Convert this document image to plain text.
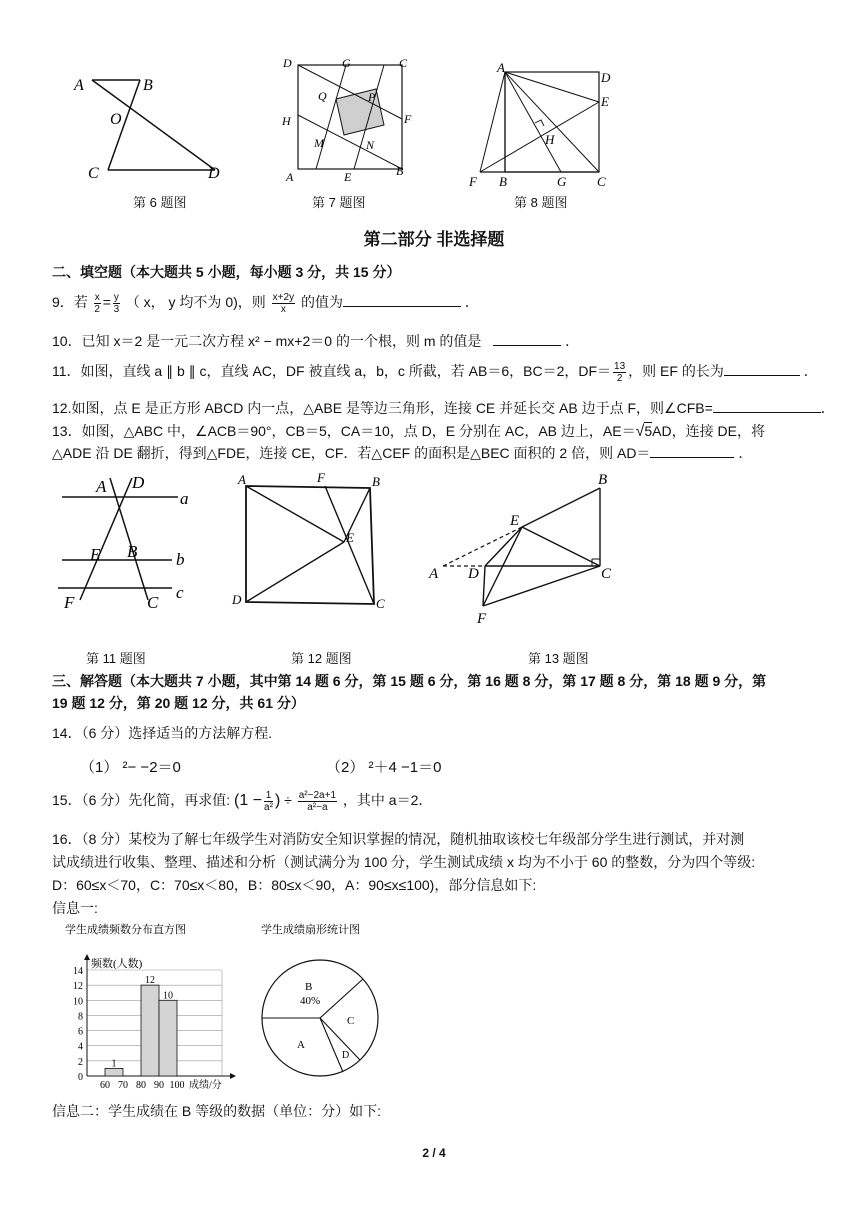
A	B
O
C	D
第 6 题图
D	G	C
Q	P
H	F
M	N
A	E	B
第 7 题图
A
D
E
H
F B	G C
第 8 题图
第二部分 非选择题
二、填空题（本大题共 5 小题，每小题 3 分，共 15 分）
9．若 $\frac{x}{2} = \frac{y}{3}$ （ x， y 均不为 0)，则 $\frac{x+2y}{x}$ 的值为	．
10．已知 x＝2 是一元二次方程 x² − mx+2＝0 的一个根，则 m 的值是	．
11．如图，直线 a ∥ b ∥ c，直线 AC，DF 被直线 a，b，c 所截，若 AB＝6，BC＝2，$DF= \frac{13}{2}$ ，则 EF 的长为	．
12.如图，点 E 是正方形 ABCD 内一点，△ABE 是等边三角形，连接 CE 并延长交 AB 边于点 F，则∠CFB=	．
13．如图，△ABC 中，∠ACB＝90°，CB＝5，CA＝10，点 D，E 分别在 AC，AB 边上，AE＝√5AD，连接 DE，将
△ADE 沿 DE 翻折，得到△FDE，连接 CE，CF．若△CEF 的面积是△BEC 面积的 2 倍，则 AD＝	．
A D
a
E B b
F	C
c
第 11 题图
A	F	B
E
D	C
第 12 题图
B
E
A D	C
F
第 13 题图
三、解答题（本大题共 7 小题，其中第 14 题 6 分，第 15 题 6 分，第 16 题 8 分，第 17 题 8 分，第 18 题 9 分，第
19 题 12 分，第 20 题 12 分，共 61 分）
14．（6 分）选择适当的方法解方程.
（1） ²− −2＝0	（2） ²＋4 −1＝0
15．（6 分）先化简，再求值: ($1 - \frac{1}{\text{a²}}$ ) ÷ $\frac{\text{a²−2a+1}}{\text{a²−a}}$ ，其中 a＝2．
16．（8 分）某校为了解七年级学生对消防安全知识掌握的情况，随机抽取该校七年级部分学生进行测试，并对测
试成绩进行收集、整理、描述和分析（测试满分为 100 分，学生测试成绩 x 均为不小于 60 的整数，分为四个等级:
D：60≤x＜70，C：70≤x＜80，B：80≤x＜90，A：90≤x≤100)，部分信息如下:
信息一:
学生成绩频数分布直方图
0
2
4
6
8
10
12
14
频数(人数)
60 70 80 90 100 成绩/分
1
12
10
学生成绩扇形统计图
B
40%
C
D
A
信息二：学生成绩在 B 等级的数据（单位：分）如下:
2 / 4
